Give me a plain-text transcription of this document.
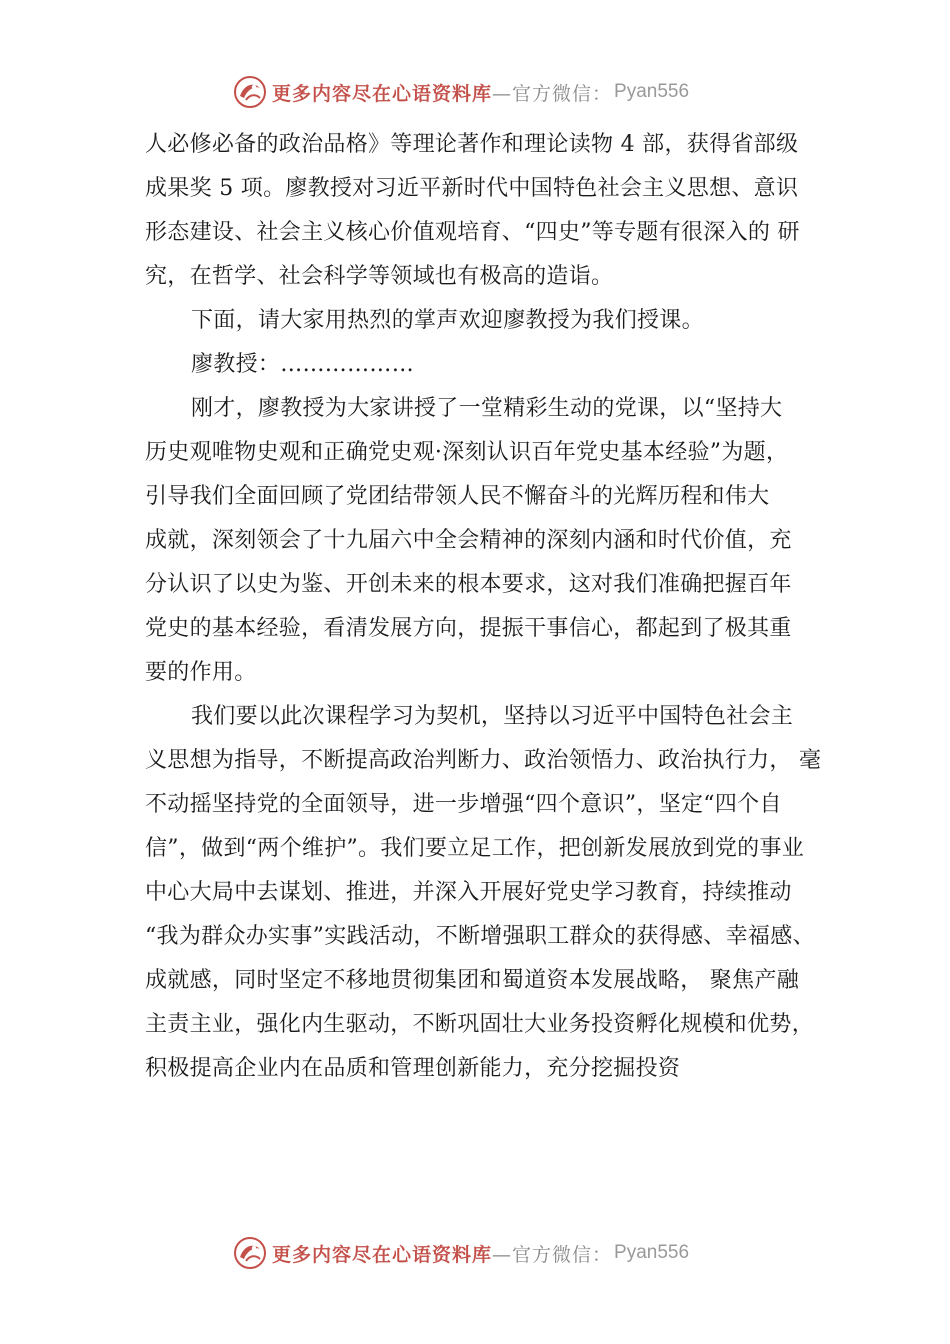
更多内容尽在心语资料库 —官方微信： Pyan556
人必修必备的政治品格》等理论著作和理论读物 4 部，获得省部级
成果奖 5 项。廖教授对习近平新时代中国特色社会主义思想、意识
形态建设、社会主义核心价值观培育、“四史”等专题有很深入的 研
究，在哲学、社会科学等领域也有极高的造诣。
下面，请大家用热烈的掌声欢迎廖教授为我们授课。
廖教授：………………
刚才，廖教授为大家讲授了一堂精彩生动的党课，以“坚持大
历史观唯物史观和正确党史观·深刻认识百年党史基本经验”为题，
引导我们全面回顾了党团结带领人民不懈奋斗的光辉历程和伟大
成就，深刻领会了十九届六中全会精神的深刻内涵和时代价值，充
分认识了以史为鉴、开创未来的根本要求，这对我们准确把握百年
党史的基本经验，看清发展方向，提振干事信心，都起到了极其重
要的作用。
我们要以此次课程学习为契机，坚持以习近平中国特色社会主
义思想为指导，不断提高政治判断力、政治领悟力、政治执行力， 毫
不动摇坚持党的全面领导，进一步增强“四个意识”，坚定“四个自
信”，做到“两个维护”。我们要立足工作，把创新发展放到党的事业
中心大局中去谋划、推进，并深入开展好党史学习教育，持续推动
“我为群众办实事”实践活动，不断增强职工群众的获得感、幸福感、
成就感，同时坚定不移地贯彻集团和蜀道资本发展战略， 聚焦产融
主责主业，强化内生驱动，不断巩固壮大业务投资孵化规模和优势，
积极提高企业内在品质和管理创新能力，充分挖掘投资
更多内容尽在心语资料库 —官方微信： Pyan556
